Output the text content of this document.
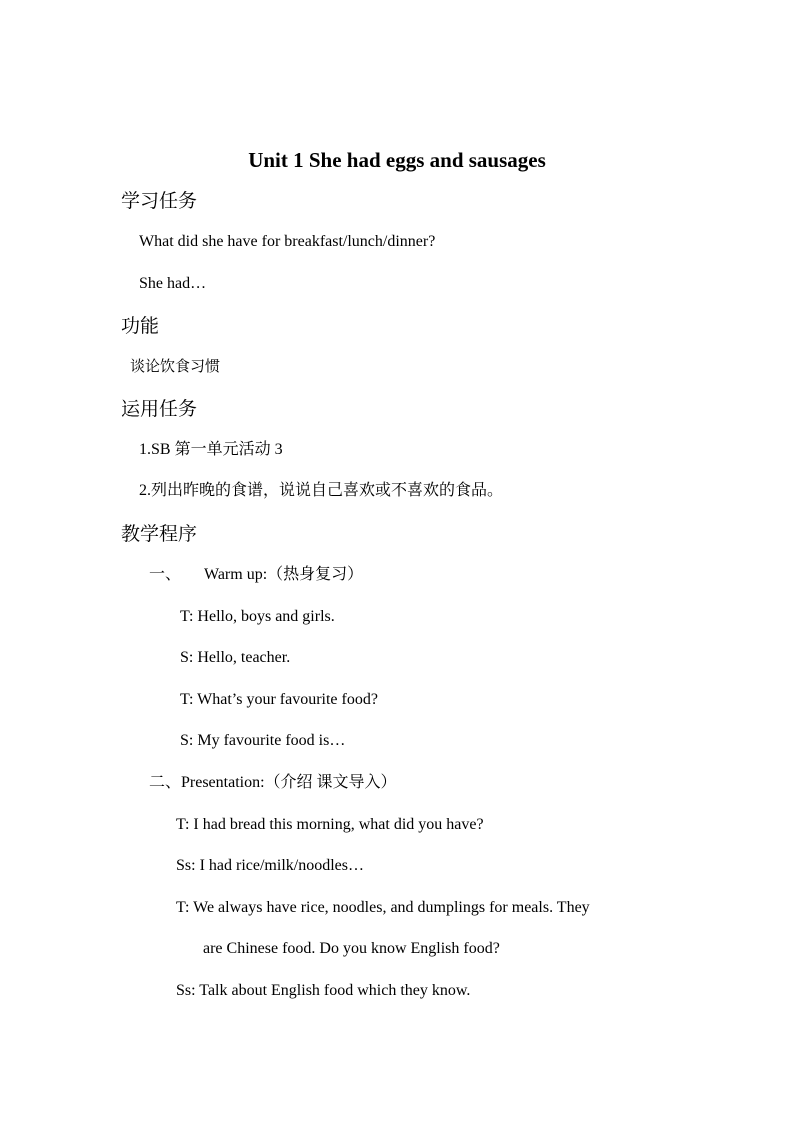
Unit 1 She had eggs and sausages
学习任务
What did she have for breakfast/lunch/dinner?
She had…
功能
谈论饮食习惯
运用任务
1.SB 第一单元活动 3
2.列出昨晚的食谱，说说自己喜欢或不喜欢的食品。
教学程序
一、 Warm up:（热身复习）
T: Hello, boys and girls.
S: Hello, teacher.
T: What’s your favourite food?
S: My favourite food is…
二、Presentation:（介绍 课文导入）
T: I had bread this morning, what did you have?
Ss: I had rice/milk/noodles…
T: We always have rice, noodles, and dumplings for meals. They
are Chinese food. Do you know English food?
Ss: Talk about English food which they know.
